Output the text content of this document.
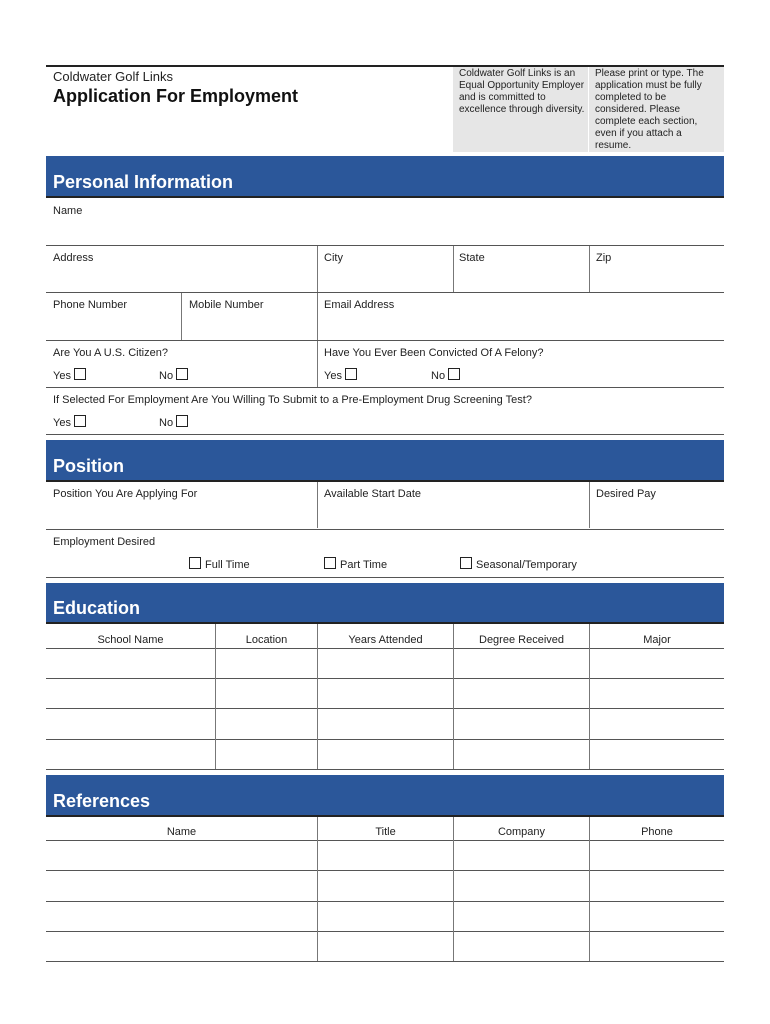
Coldwater Golf Links
Application For Employment
Coldwater Golf Links is an Equal Opportunity Employer and is committed to excellence through diversity.
Please print or type. The application must be fully completed to be considered. Please complete each section, even if you attach a resume.
Personal Information
Name
Address	City	State	Zip
Phone Number	Mobile Number	Email Address
Are You A U.S. Citizen?
Yes	No
Have You Ever Been Convicted Of A Felony?
Yes	No
If Selected For Employment Are You Willing To Submit to a Pre-Employment Drug Screening Test?
Yes	No
Position
Position You Are Applying For	Available Start Date	Desired Pay
Employment Desired
Full Time	Part Time	Seasonal/Temporary
Education
School Name	Location	Years Attended	Degree Received	Major
References
Name	Title	Company	Phone
